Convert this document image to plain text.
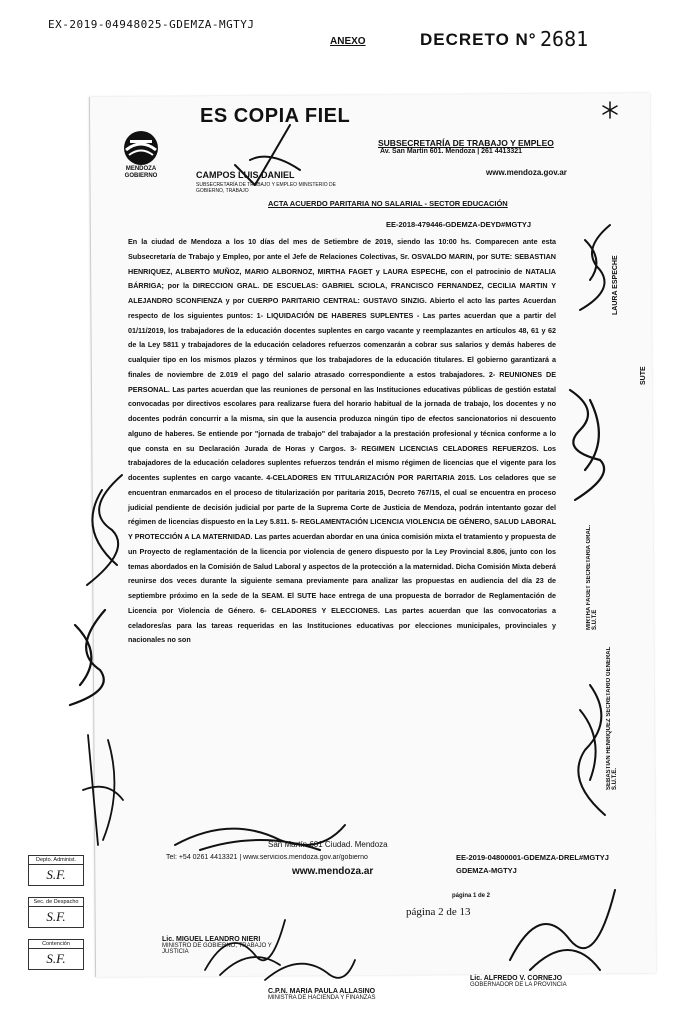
EX-2019-04948025-GDEMZA-MGTYJ
ANEXO	DECRETO N° 2681
ES COPIA FIEL
MENDOZA GOBIERNO
SUBSECRETARÍA DE TRABAJO Y EMPLEO
Av. San Martín 601. Mendoza | 261 4413321
www.mendoza.gov.ar
CAMPOS LUIS DANIEL
SUBSECRETARÍA DE TRABAJO Y EMPLEO MINISTERIO DE GOBIERNO, TRABAJO
ACTA ACUERDO PARITARIA NO SALARIAL - SECTOR EDUCACIÓN
EE-2018-479446-GDEMZA-DEYD#MGTYJ
En la ciudad de Mendoza a los 10 días del mes de Setiembre de 2019, siendo las 10:00 hs. Comparecen ante esta Subsecretaría de Trabajo y Empleo, por ante el Jefe de Relaciones Colectivas, Sr. OSVALDO MARIN, por SUTE: SEBASTIAN HENRIQUEZ, ALBERTO MUÑOZ, MARIO ALBORNOZ, MIRTHA FAGET y LAURA ESPECHE, con el patrocinio de NATALIA BÁRRIGA; por la DIRECCION GRAL. DE ESCUELAS: GABRIEL SCIOLA, FRANCISCO FERNANDEZ, CECILIA MARTIN Y ALEJANDRO SCONFIENZA y por CUERPO PARITARIO CENTRAL: GUSTAVO SINZIG. Abierto el acto las partes Acuerdan respecto de los siguientes puntos: 1- LIQUIDACIÓN DE HABERES SUPLENTES - Las partes acuerdan que a partir del 01/11/2019, los trabajadores de la educación docentes suplentes en cargo vacante y reemplazantes en artículos 48, 61 y 62 de la Ley 5811 y trabajadores de la educación celadores refuerzos comenzarán a cobrar sus salarios y demás haberes de cualquier tipo en los mismos plazos y términos que los trabajadores de la educación titulares. El gobierno garantizará a finales de noviembre de 2.019 el pago del salario atrasado correspondiente a estos trabajadores. 2- REUNIONES DE PERSONAL. Las partes acuerdan que las reuniones de personal en las Instituciones educativas públicas de gestión estatal convocadas por directivos escolares para realizarse fuera del horario habitual de la jornada de trabajo, los docentes y no docentes podrán concurrir a la misma, sin que la ausencia produzca ningún tipo de efectos sancionatorios ni descuento alguno de haberes. Se entiende por "jornada de trabajo" del trabajador a la prestación profesional y técnica conforme a lo que consta en su Declaración Jurada de Horas y Cargos. 3- REGIMEN LICENCIAS CELADORES REFUERZOS. Los trabajadores de la educación celadores suplentes refuerzos tendrán el mismo régimen de licencias que el vigente para los docentes suplentes en cargo vacante. 4-CELADORES EN TITULARIZACIÓN POR PARITARIA 2015. Los celadores que se encuentran enmarcados en el proceso de titularización por paritaria 2015, Decreto 767/15, el cual se encuentra en proceso judicial pendiente de decisión judicial por parte de la Suprema Corte de Justicia de Mendoza, podrán intentanto gozar del régimen de licencias dispuesto en la Ley 5.811. 5- REGLAMENTACIÓN LICENCIA VIOLENCIA DE GÉNERO, SALUD LABORAL Y PROTECCIÓN A LA MATERNIDAD. Las partes acuerdan abordar en una única comisión mixta el tratamiento y propuesta de un Proyecto de reglamentación de la licencia por violencia de genero dispuesto por la Ley Provincial 8.806, junto con los temas abordados en la Comisión de Salud Laboral y aspectos de la protección a la maternidad. Dicha Comisión Mixta deberá reunirse dos veces durante la siguiente semana previamente para analizar las propuestas en audiencia del día 23 de septiembre próximo en la sede de la SEAM. El SUTE hace entrega de una propuesta de borrador de Reglamentación de Licencia por Violencia de Género. 6- CELADORES Y ELECCIONES. Las partes acuerdan que las convocatorias a celadores/as para las tareas requeridas en las Instituciones educativas por elecciones municipales, provinciales y nacionales no son
LAURA ESPECHE
SUTE
SEBASTIAN HENRIQUEZ SECRETARIO GENERAL S.U.T.E.
MIRTHA FAGET SECRETARIA GRAL. S.U.T.E
San Martín 601 Ciudad. Mendoza
Tel: +54 0261 4413321 | www.servicios.mendoza.gov.ar/gobierno
www.mendoza.ar
EE-2019-04800001-GDEMZA-DREL#MGTYJ
GDEMZA-MGTYJ
página 1 de 2
página 2 de 13
Depto. Administ.
S.F.
Sec. de Despacho
S.F.
Contención
S.F.
Lic. MIGUEL LEANDRO NIERI
MINISTRO DE GOBIERNO, TRABAJO Y JUSTICIA
C.P.N. MARIA PAULA ALLASINO
MINISTRA DE HACIENDA Y FINANZAS
Lic. ALFREDO V. CORNEJO
GOBERNADOR DE LA PROVINCIA
